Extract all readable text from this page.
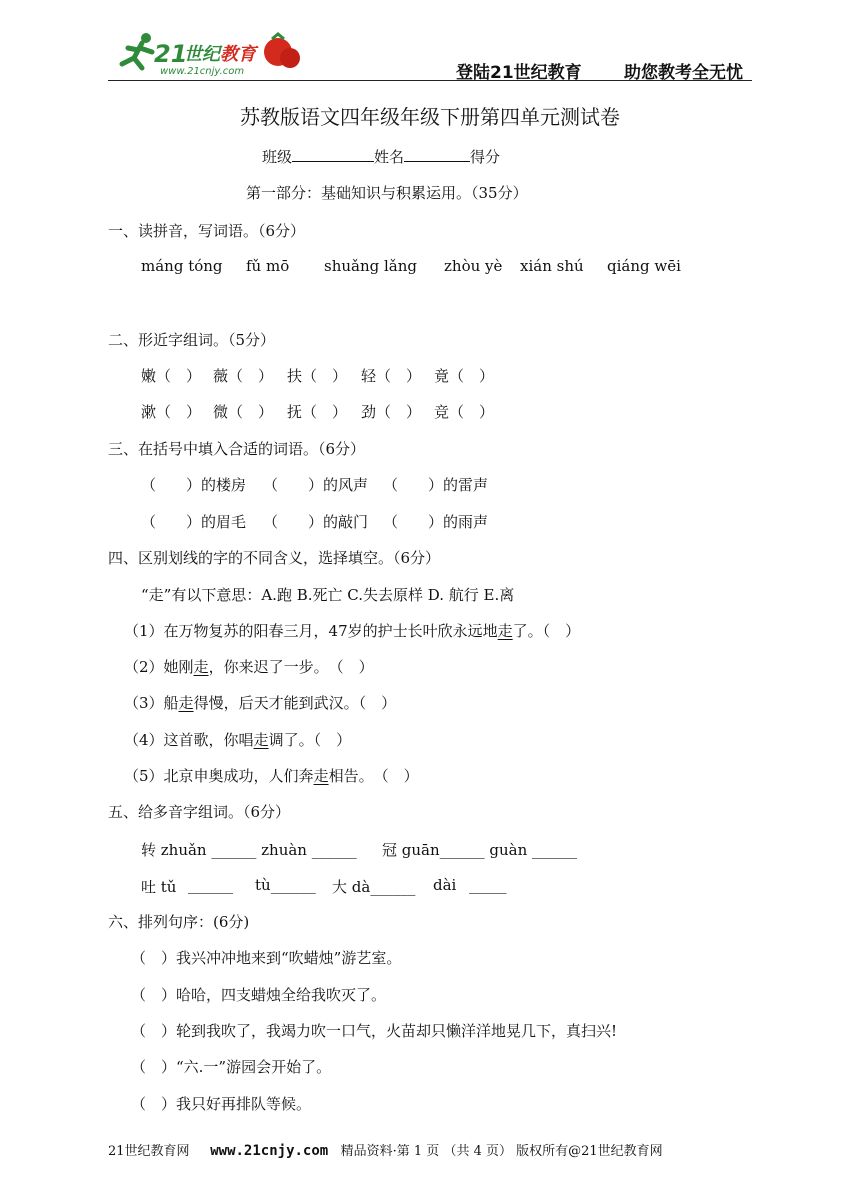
21
世纪 教育
www.21cnjy.com	登陆21世纪教育 助您教考全无忧
苏教版语文四年级年级下册第四单元测试卷
班级	姓名	得分
第一部分：基础知识与积累运用。（35分）
一、读拼音，写词语。（6分）
máng tóng fǔ mō shuǎng lǎng zhòu yè xián shú qiáng wēi
二、形近字组词。（5分）
嫩（　） 薇（　） 扶（　） 轻（　） 竟（　）
漱（　） 微（　） 抚（　） 劲（　） 竞（　）
三、在括号中填入合适的词语。（6分）
（　　）的楼房 （　　）的风声 （　　）的雷声
（　　）的眉毛 （　　）的敲门 （　　）的雨声
四、区别划线的字的不同含义，选择填空。（6分）
“走”有以下意思：A.跑 B.死亡 C.失去原样 D. 航行 E.离
（1）在万物复苏的阳春三月，47岁的护士长叶欣永远地走了。（　）
（2）她刚走，你来迟了一步。　（　）
（3）船走得慢，后天才能到武汉。（　）
（4）这首歌，你唱走调了。（　）
（5）北京申奥成功，人们奔走相告。　（　）
五、给多音字组词。（6分）
转 zhuǎn ______ zhuàn ______ 冠 guān______ guàn ______
吐 tǔ ______ tù______ 大 dà______ dài _____
六、排列句序：(6分)
（　）我兴冲冲地来到“吹蜡烛”游艺室。
（　）哈哈，四支蜡烛全给我吹灭了。
（　）轮到我吹了，我竭力吹一口气，火苗却只懒洋洋地晃几下，真扫兴!
（　）“六.一”游园会开始了。
（　）我只好再排队等候。
21世纪教育网 www.21cnjy.com 精品资料·第 1 页 （共 4 页） 版权所有@21世纪教育网
